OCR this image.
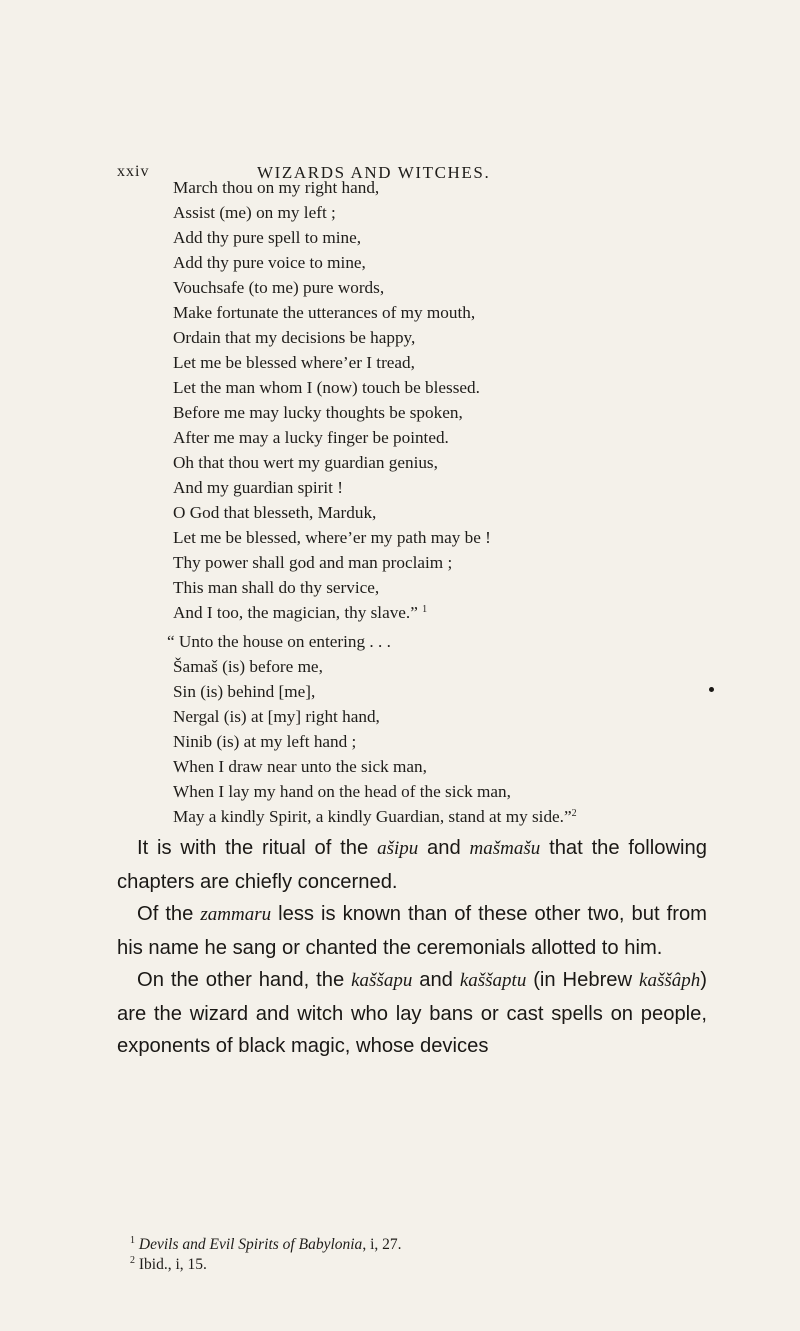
xxiv	WIZARDS AND WITCHES.
March thou on my right hand,
Assist (me) on my left ;
Add thy pure spell to mine,
Add thy pure voice to mine,
Vouchsafe (to me) pure words,
Make fortunate the utterances of my mouth,
Ordain that my decisions be happy,
Let me be blessed where’er I tread,
Let the man whom I (now) touch be blessed.
Before me may lucky thoughts be spoken,
After me may a lucky finger be pointed.
Oh that thou wert my guardian genius,
And my guardian spirit !
O God that blesseth, Marduk,
Let me be blessed, where’er my path may be !
Thy power shall god and man proclaim ;
This man shall do thy service,
And I too, the magician, thy slave.” $^1$
“ Unto the house on entering . . .
Šamaš (is) before me,
Sin (is) behind [me],
Nergal (is) at [my] right hand,
Ninib (is) at my left hand ;
When I draw near unto the sick man,
When I lay my hand on the head of the sick man,
May a kindly Spirit, a kindly Guardian, stand at my side.”$^2$

It is with the ritual of the ašipu and mašmašu that the following chapters are chiefly concerned.

Of the zammaru less is known than of these other two, but from his name he sang or chanted the ceremonials allotted to him.

On the other hand, the kaššapu and kaššaptu (in Hebrew kaššâph) are the wizard and witch who lay bans or cast spells on people, exponents of black magic, whose devices

$^1$ Devils and Evil Spirits of Babylonia, i, 27.
$^2$ Ibid., i, 15.
